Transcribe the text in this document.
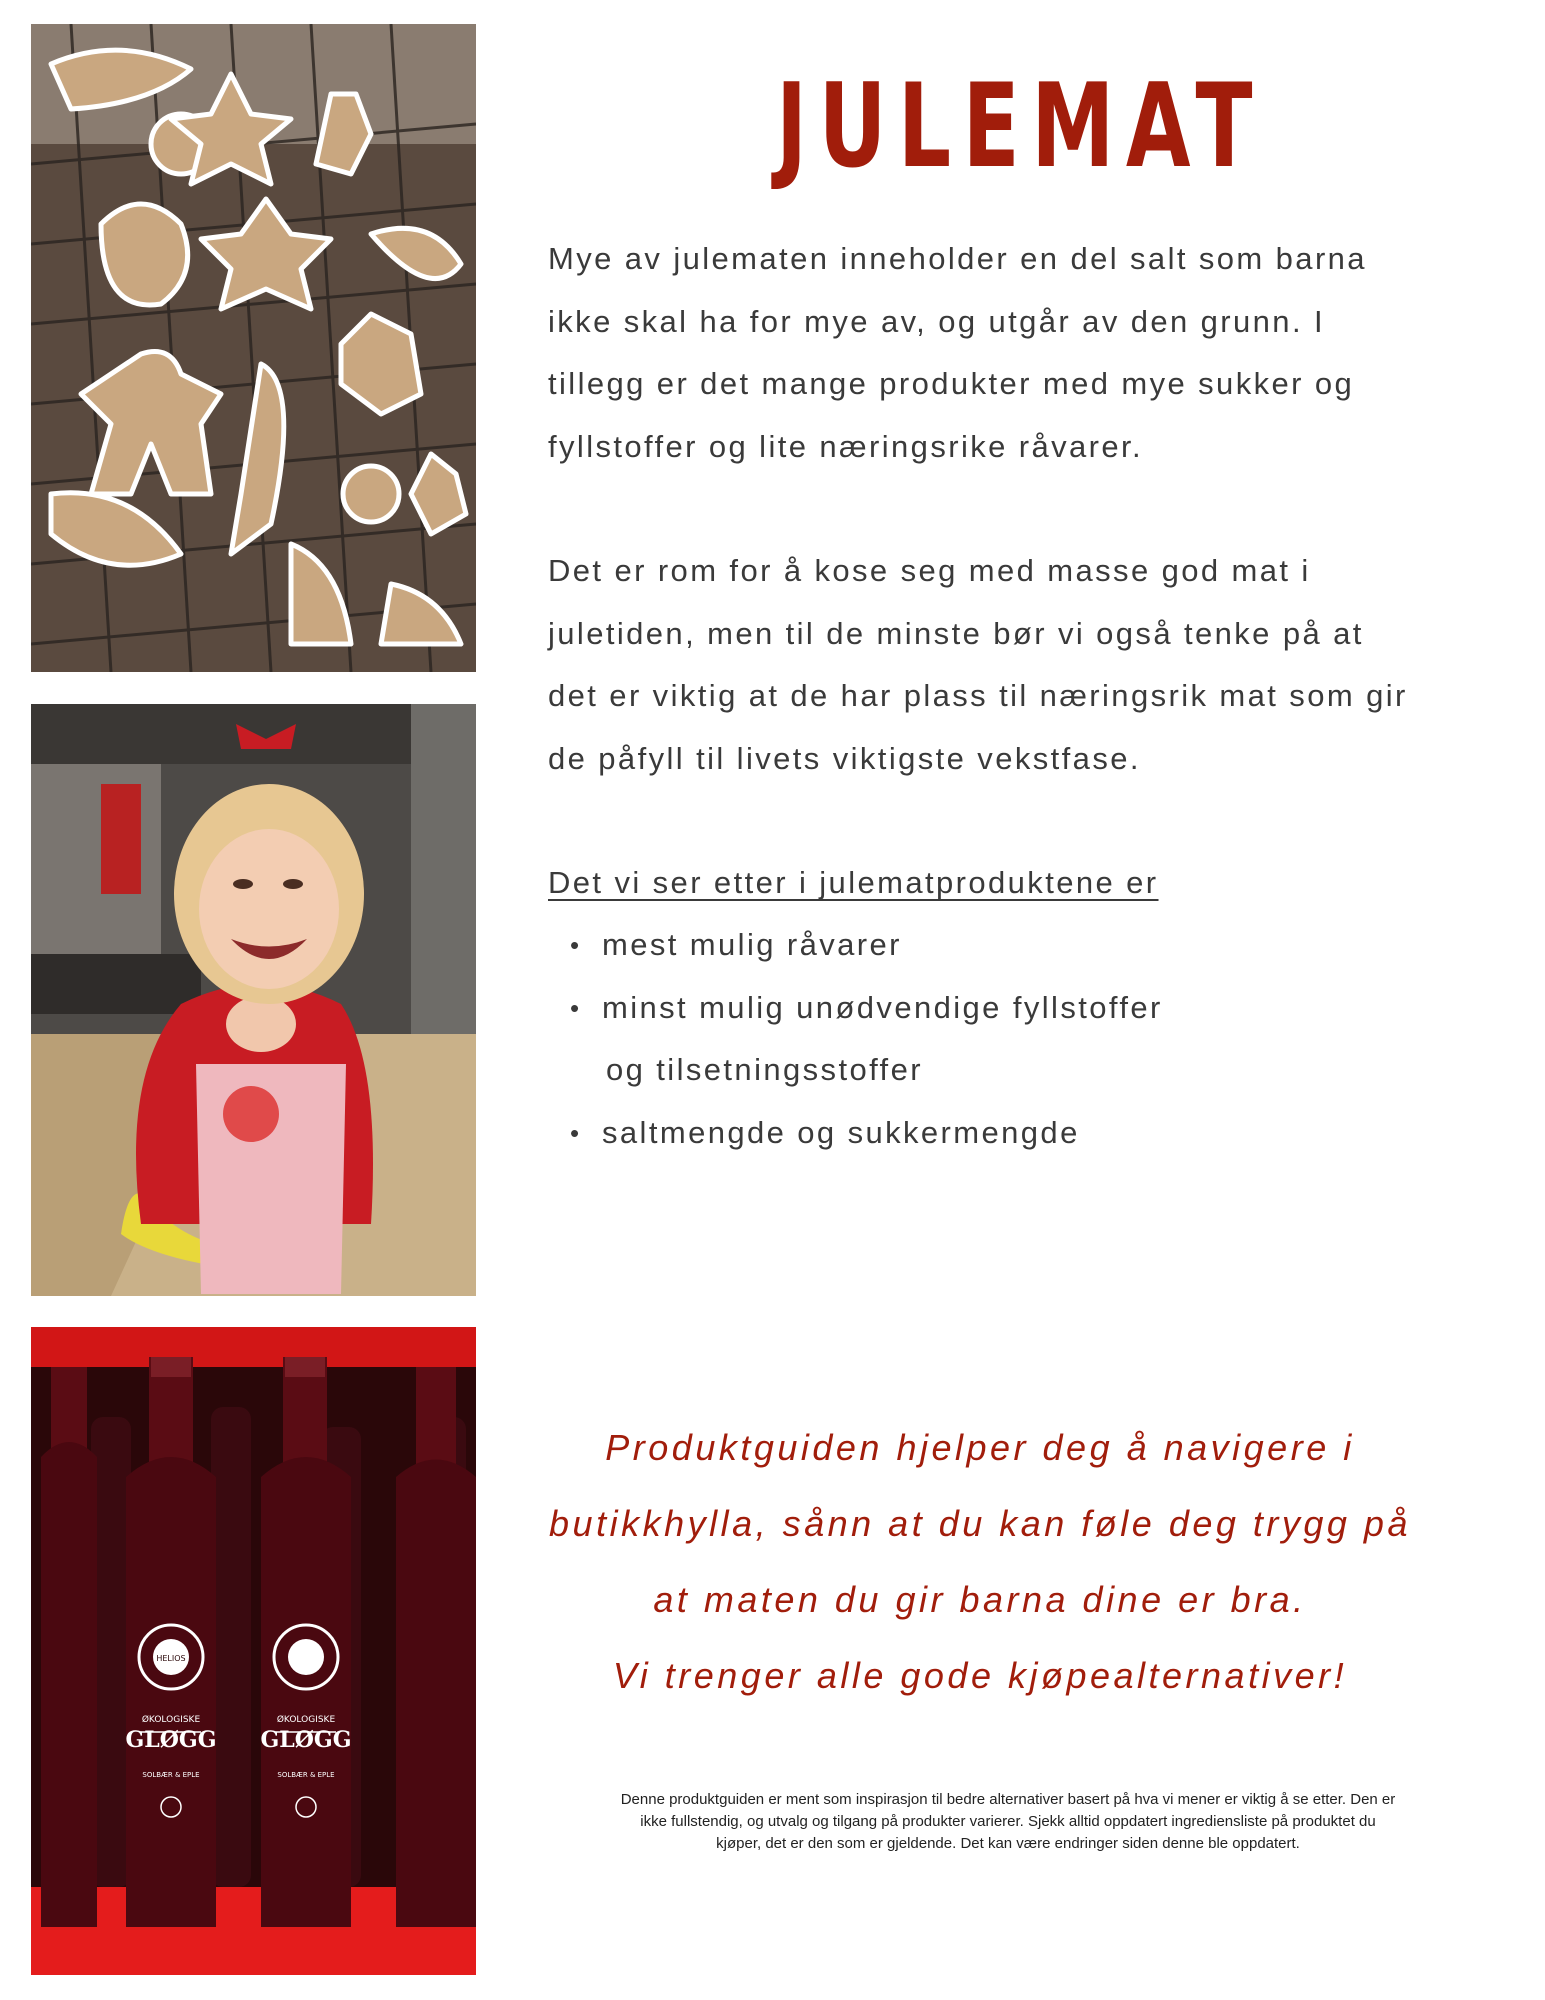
HELIOS
ØKOLOGISKE
GLØGG
SOLBÆR & EPLE
ØKOLOGISKE
GLØGG
SOLBÆR & EPLE
JULEMAT
Mye av julematen inneholder en del salt som barna
ikke skal ha for mye av, og utgår av den grunn. I
tillegg er det mange produkter med mye sukker og
fyllstoffer og lite næringsrike råvarer.
Det er rom for å kose seg med masse god mat i
juletiden, men til de minste bør vi også tenke på at
det er viktig at de har plass til næringsrik mat som gir
de påfyll til livets viktigste vekstfase.
Det vi ser etter i julematproduktene er
• mest mulig råvarer
• minst mulig unødvendige fyllstoffer
og tilsetningsstoffer
• saltmengde og sukkermengde
Produktguiden hjelper deg å navigere i
butikkhylla, sånn at du kan føle deg trygg på
at maten du gir barna dine er bra.
Vi trenger alle gode kjøpealternativer!
Denne produktguiden er ment som inspirasjon til bedre alternativer basert på hva vi mener er viktig å se etter. Den er
ikke fullstendig, og utvalg og tilgang på produkter varierer. Sjekk alltid oppdatert ingrediensliste på produktet du
kjøper, det er den som er gjeldende. Det kan være endringer siden denne ble oppdatert.
